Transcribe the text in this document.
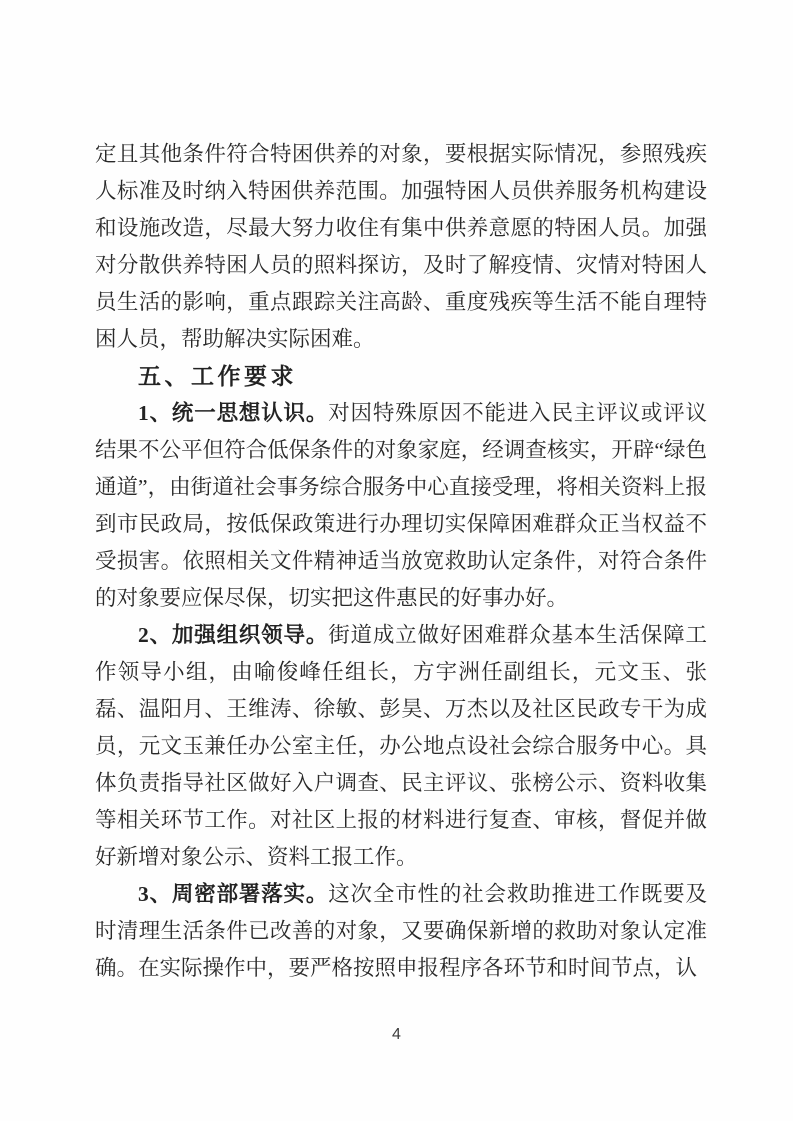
定且其他条件符合特困供养的对象，要根据实际情况，参照残疾人标准及时纳入特困供养范围。加强特困人员供养服务机构建设和设施改造，尽最大努力收住有集中供养意愿的特困人员。加强对分散供养特困人员的照料探访，及时了解疫情、灾情对特困人员生活的影响，重点跟踪关注高龄、重度残疾等生活不能自理特困人员，帮助解决实际困难。

五、工作要求

1、统一思想认识。对因特殊原因不能进入民主评议或评议结果不公平但符合低保条件的对象家庭，经调查核实，开辟“绿色通道”，由街道社会事务综合服务中心直接受理，将相关资料上报到市民政局，按低保政策进行办理切实保障困难群众正当权益不受损害。依照相关文件精神适当放宽救助认定条件，对符合条件的对象要应保尽保，切实把这件惠民的好事办好。

2、加强组织领导。街道成立做好困难群众基本生活保障工作领导小组，由喻俊峰任组长，方宇洲任副组长，元文玉、张磊、温阳月、王维涛、徐敏、彭昊、万杰以及社区民政专干为成员，元文玉兼任办公室主任，办公地点设社会综合服务中心。具体负责指导社区做好入户调查、民主评议、张榜公示、资料收集等相关环节工作。对社区上报的材料进行复查、审核，督促并做好新增对象公示、资料工报工作。

3、周密部署落实。这次全市性的社会救助推进工作既要及时清理生活条件已改善的对象，又要确保新增的救助对象认定准确。在实际操作中，要严格按照申报程序各环节和时间节点，认

4
